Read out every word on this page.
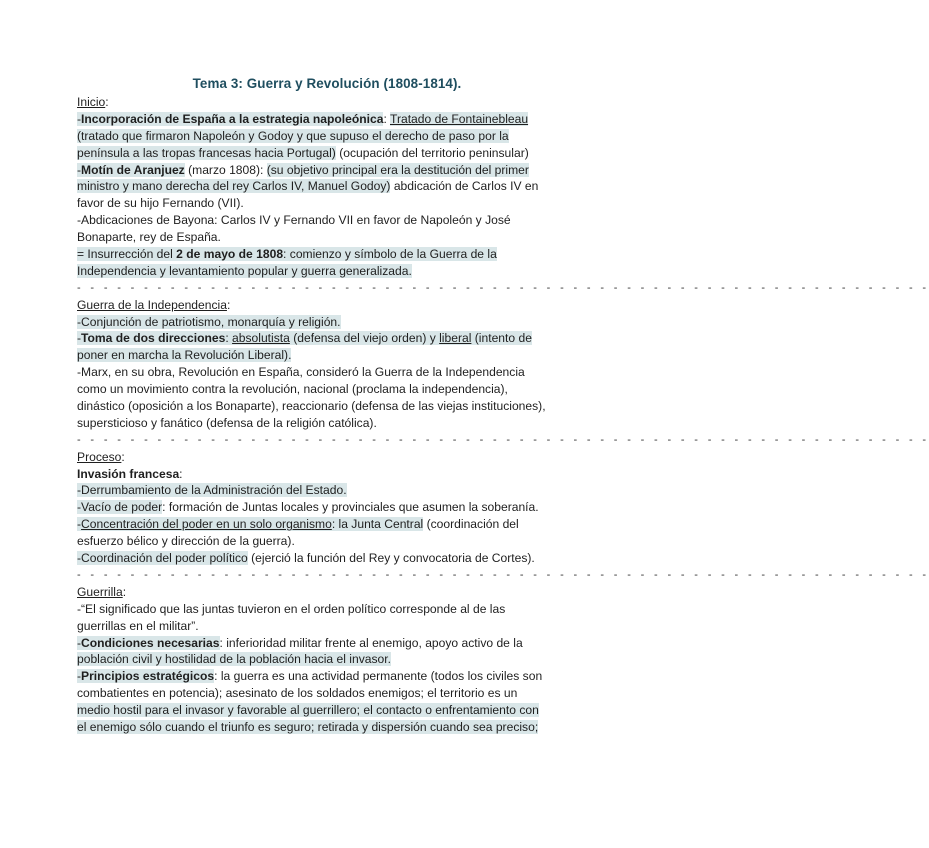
Tema 3: Guerra y Revolución (1808-1814).
Inicio:
-Incorporación de España a la estrategia napoleónica: Tratado de Fontainebleau
(tratado que firmaron Napoleón y Godoy y que supuso el derecho de paso por la
península a las tropas francesas hacia Portugal) (ocupación del territorio peninsular)
-Motín de Aranjuez (marzo 1808): (su objetivo principal era la destitución del primer
ministro y mano derecha del rey Carlos IV, Manuel Godoy) abdicación de Carlos IV en
favor de su hijo Fernando (VII).
-Abdicaciones de Bayona: Carlos IV y Fernando VII en favor de Napoleón y José
Bonaparte, rey de España.
= Insurrección del 2 de mayo de 1808: comienzo y símbolo de la Guerra de la
Independencia y levantamiento popular y guerra generalizada.
- - - - - - - - - - - - - - - - - - - - - - - - - - - - - - - - - - - - - - - - - - - - - - - - - - - - - - - - - - - - - - - -
Guerra de la Independencia:
-Conjunción de patriotismo, monarquía y religión.
-Toma de dos direcciones: absolutista (defensa del viejo orden) y liberal (intento de
poner en marcha la Revolución Liberal).
-Marx, en su obra, Revolución en España, consideró la Guerra de la Independencia
como un movimiento contra la revolución, nacional (proclama la independencia),
dinástico (oposición a los Bonaparte), reaccionario (defensa de las viejas instituciones),
supersticioso y fanático (defensa de la religión católica).
- - - - - - - - - - - - - - - - - - - - - - - - - - - - - - - - - - - - - - - - - - - - - - - - - - - - - - - - - - - - - - - -
Proceso:
Invasión francesa:
-Derrumbamiento de la Administración del Estado.
-Vacío de poder: formación de Juntas locales y provinciales que asumen la soberanía.
-Concentración del poder en un solo organismo: la Junta Central (coordinación del
esfuerzo bélico y dirección de la guerra).
-Coordinación del poder político (ejerció la función del Rey y convocatoria de Cortes).
- - - - - - - - - - - - - - - - - - - - - - - - - - - - - - - - - - - - - - - - - - - - - - - - - - - - - - - - - - - - - - - -
Guerrilla:
-“El significado que las juntas tuvieron en el orden político corresponde al de las
guerrillas en el militar”.
-Condiciones necesarias: inferioridad militar frente al enemigo, apoyo activo de la
población civil y hostilidad de la población hacia el invasor.
-Principios estratégicos: la guerra es una actividad permanente (todos los civiles son
combatientes en potencia); asesinato de los soldados enemigos; el territorio es un
medio hostil para el invasor y favorable al guerrillero; el contacto o enfrentamiento con
el enemigo sólo cuando el triunfo es seguro; retirada y dispersión cuando sea preciso;
